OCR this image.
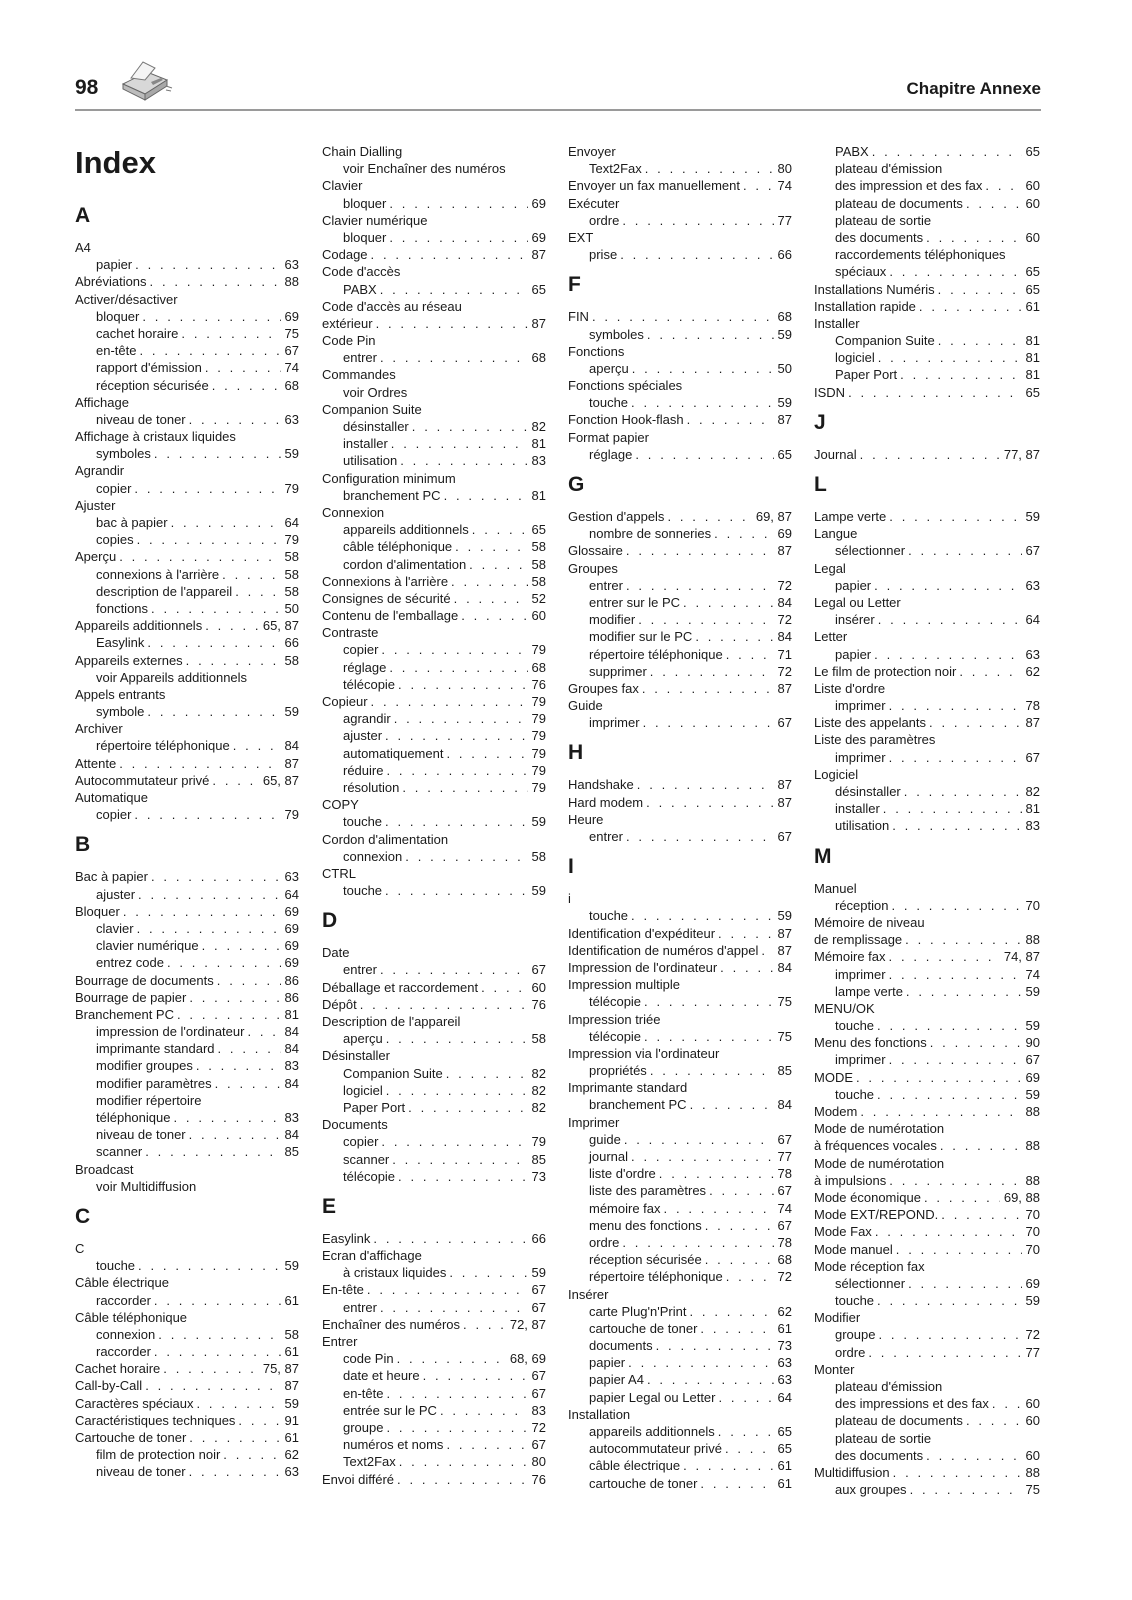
98	Chapitre Annexe
Index
A
A4
papier . . .	63
Abréviations . . .	88
Activer/désactiver
bloquer . . .	69
cachet horaire . . .	75
en-tête . . .	67
rapport d'émission . . .	74
réception sécurisée . . .	68
Affichage
niveau de toner . . .	63
Affichage à cristaux liquides
symboles . . .	59
Agrandir
copier . . .	79
Ajuster
bac à papier . . .	64
copies . . .	79
Aperçu . . .	58
connexions à l'arrière . . .	58
description de l'appareil . . .	58
fonctions . . .	50
Appareils additionnels . . .	65, 87
Easylink . . .	66
Appareils externes . . .	58
voir Appareils additionnels
Appels entrants
symbole . . .	59
Archiver
répertoire téléphonique . . .	84
Attente . . .	87
Autocommutateur privé . . .	65, 87
Automatique
copier . . .	79
B
Bac à papier . . .	63
ajuster . . .	64
Bloquer . . .	69
clavier . . .	69
clavier numérique . . .	69
entrez code . . .	69
Bourrage de documents . . .	86
Bourrage de papier . . .	86
Branchement PC . . .	81
impression de l'ordinateur . . .	84
imprimante standard . . .	84
modifier groupes . . .	83
modifier paramètres . . .	84
modifier répertoire
téléphonique . . .	83
niveau de toner . . .	84
scanner . . .	85
Broadcast
voir Multidiffusion
C
C
touche . . .	59
Câble électrique
raccorder . . .	61
Câble téléphonique
connexion . . .	58
raccorder . . .	61
Cachet horaire . . .	75, 87
Call-by-Call . . .	87
Caractères spéciaux . . .	59
Caractéristiques techniques . . .	91
Cartouche de toner . . .	61
film de protection noir . . .	62
niveau de toner . . .	63
Chain Dialling
voir Enchaîner des numéros
Clavier
bloquer . . .	69
Clavier numérique
bloquer . . .	69
Codage . . .	87
Code d'accès
PABX . . .	65
Code d'accès au réseau
extérieur . . .	87
Code Pin
entrer . . .	68
Commandes
voir Ordres
Companion Suite
désinstaller . . .	82
installer . . .	81
utilisation . . .	83
Configuration minimum
branchement PC . . .	81
Connexion
appareils additionnels . . .	65
câble téléphonique . . .	58
cordon d'alimentation . . .	58
Connexions à l'arrière . . .	58
Consignes de sécurité . . .	52
Contenu de l'emballage . . .	60
Contraste
copier . . .	79
réglage . . .	68
télécopie . . .	76
Copieur . . .	79
agrandir . . .	79
ajuster . . .	79
automatiquement . . .	79
réduire . . .	79
résolution . . .	79
COPY
touche . . .	59
Cordon d'alimentation
connexion . . .	58
CTRL
touche . . .	59
D
Date
entrer . . .	67
Déballage et raccordement . . .	60
Dépôt . . .	76
Description de l'appareil
aperçu . . .	58
Désinstaller
Companion Suite . . .	82
logiciel . . .	82
Paper Port . . .	82
Documents
copier . . .	79
scanner . . .	85
télécopie . . .	73
E
Easylink . . .	66
Ecran d'affichage
à cristaux liquides . . .	59
En-tête . . .	67
entrer . . .	67
Enchaîner des numéros . . .	72, 87
Entrer
code Pin . . .	68, 69
date et heure . . .	67
en-tête . . .	67
entrée sur le PC . . .	83
groupe . . .	72
numéros et noms . . .	67
Text2Fax . . .	80
Envoi différé . . .	76
Envoyer
Text2Fax . . .	80
Envoyer un fax manuellement . . .	74
Exécuter
ordre . . .	77
EXT
prise . . .	66
F
FIN . . .	68
symboles . . .	59
Fonctions
aperçu . . .	50
Fonctions spéciales
touche . . .	59
Fonction Hook-flash . . .	87
Format papier
réglage . . .	65
G
Gestion d'appels . . .	69, 87
nombre de sonneries . . .	69
Glossaire . . .	87
Groupes
entrer . . .	72
entrer sur le PC . . .	84
modifier . . .	72
modifier sur le PC . . .	84
répertoire téléphonique . . .	71
supprimer . . .	72
Groupes fax . . .	87
Guide
imprimer . . .	67
H
Handshake . . .	87
Hard modem . . .	87
Heure
entrer . . .	67
I
i
touche . . .	59
Identification d'expéditeur . . .	87
Identification de numéros d'appel . . .	87
Impression de l'ordinateur . . .	84
Impression multiple
télécopie . . .	75
Impression triée
télécopie . . .	75
Impression via l'ordinateur
propriétés . . .	85
Imprimante standard
branchement PC . . .	84
Imprimer
guide . . .	67
journal . . .	77
liste d'ordre . . .	78
liste des paramètres . . .	67
mémoire fax . . .	74
menu des fonctions . . .	67
ordre . . .	78
réception sécurisée . . .	68
répertoire téléphonique . . .	72
Insérer
carte Plug'n'Print . . .	62
cartouche de toner . . .	61
documents . . .	73
papier . . .	63
papier A4 . . .	63
papier Legal ou Letter . . .	64
Installation
appareils additionnels . . .	65
autocommutateur privé . . .	65
câble électrique . . .	61
cartouche de toner . . .	61
PABX . . .	65
plateau d'émission
des impression et des fax . . .	60
plateau de documents . . .	60
plateau de sortie
des documents . . .	60
raccordements téléphoniques
spéciaux . . .	65
Installations Numéris . . .	65
Installation rapide . . .	61
Installer
Companion Suite . . .	81
logiciel . . .	81
Paper Port . . .	81
ISDN . . .	65
J
Journal . . .	77, 87
L
Lampe verte . . .	59
Langue
sélectionner . . .	67
Legal
papier . . .	63
Legal ou Letter
insérer . . .	64
Letter
papier . . .	63
Le film de protection noir . . .	62
Liste d'ordre
imprimer . . .	78
Liste des appelants . . .	87
Liste des paramètres
imprimer . . .	67
Logiciel
désinstaller . . .	82
installer . . .	81
utilisation . . .	83
M
Manuel
réception . . .	70
Mémoire de niveau
de remplissage . . .	88
Mémoire fax . . .	74, 87
imprimer . . .	74
lampe verte . . .	59
MENU/OK
touche . . .	59
Menu des fonctions . . .	90
imprimer . . .	67
MODE . . .	69
touche . . .	59
Modem . . .	88
Mode de numérotation
à fréquences vocales . . .	88
Mode de numérotation
à impulsions . . .	88
Mode économique . . .	69, 88
Mode EXT/REPOND. . . .	70
Mode Fax . . .	70
Mode manuel . . .	70
Mode réception fax
sélectionner . . .	69
touche . . .	59
Modifier
groupe . . .	72
ordre . . .	77
Monter
plateau d'émission
des impressions et des fax . . .	60
plateau de documents . . .	60
plateau de sortie
des documents . . .	60
Multidiffusion . . .	88
aux groupes . . .	75
